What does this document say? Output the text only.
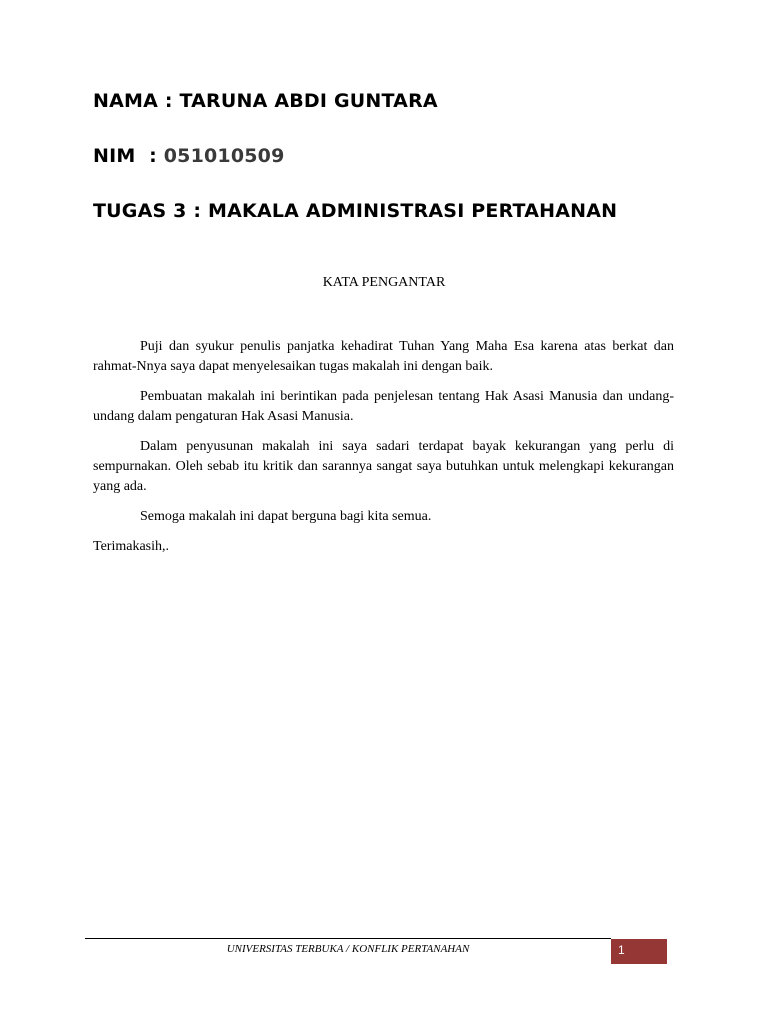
NAMA : TARUNA ABDI GUNTARA
NIM  : 051010509
TUGAS 3 : MAKALA ADMINISTRASI PERTAHANAN
KATA PENGANTAR

Puji dan syukur penulis panjatka kehadirat Tuhan Yang Maha Esa karena atas berkat dan rahmat-Nnya saya dapat menyelesaikan tugas makalah ini dengan baik.

Pembuatan makalah ini berintikan pada penjelesan tentang Hak Asasi Manusia dan undang-undang dalam pengaturan Hak Asasi Manusia.

Dalam penyusunan makalah ini saya sadari terdapat bayak kekurangan yang perlu di sempurnakan. Oleh sebab itu kritik dan sarannya sangat saya butuhkan untuk melengkapi kekurangan yang ada.

Semoga makalah ini dapat berguna bagi kita semua.

Terimakasih,.

UNIVERSITAS TERBUKA / KONFLIK PERTANAHAN	1
